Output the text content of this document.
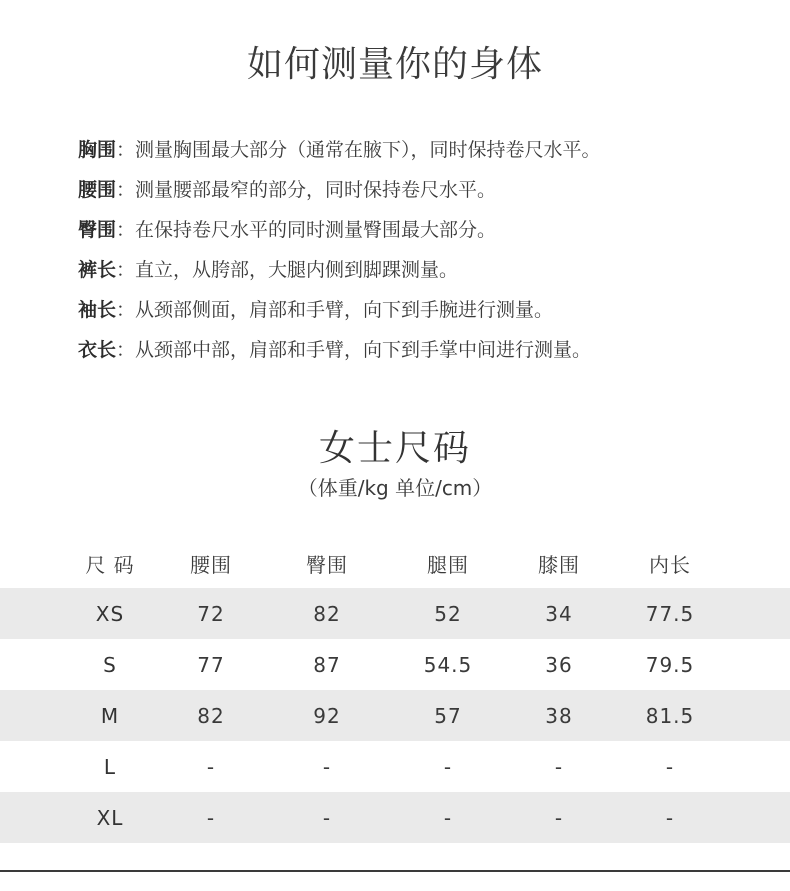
如何测量你的身体
胸围：测量胸围最大部分（通常在腋下），同时保持卷尺水平。
腰围：测量腰部最窄的部分，同时保持卷尺水平。
臀围：在保持卷尺水平的同时测量臀围最大部分。
裤长：直立，从胯部，大腿内侧到脚踝测量。
袖长：从颈部侧面，肩部和手臂，向下到手腕进行测量。
衣长：从颈部中部，肩部和手臂，向下到手掌中间进行测量。
女士尺码
（体重/kg 单位/cm）
尺 码	腰围	臀围	腿围	膝围	内长
XS	72	82	52	34	77.5
S	77	87	54.5	36	79.5
M	82	92	57	38	81.5
L	-	-	-	-	-
XL	-	-	-	-	-
